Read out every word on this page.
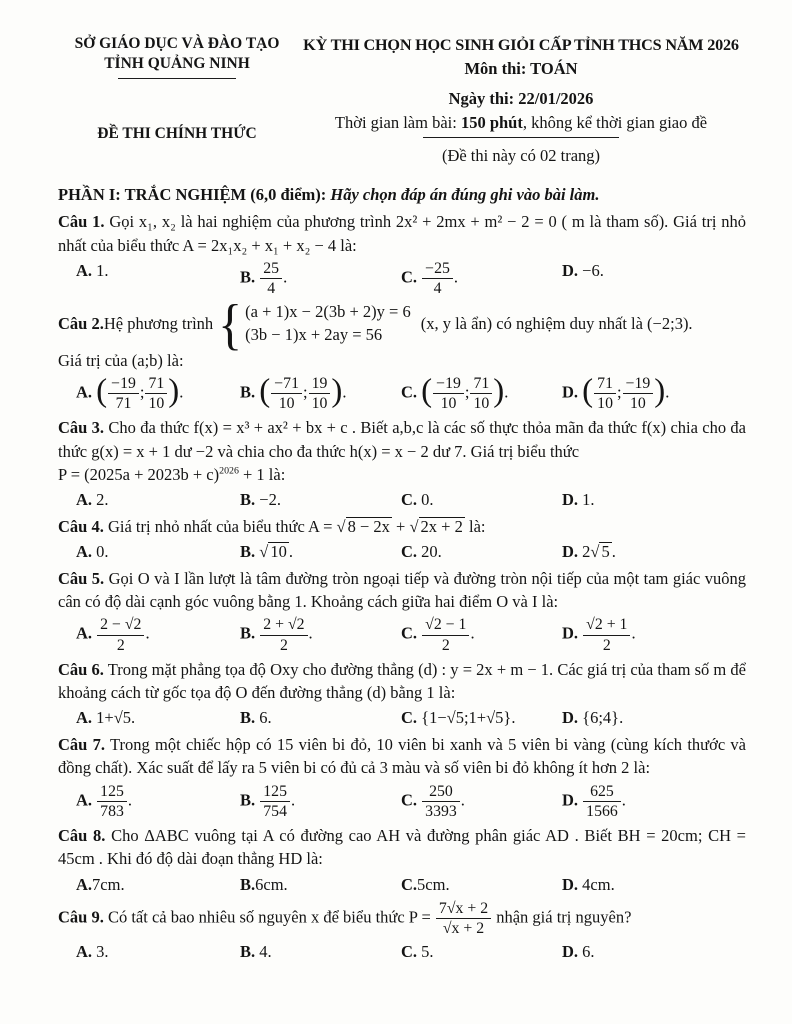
SỞ GIÁO DỤC VÀ ĐÀO TẠO
TỈNH QUẢNG NINH
ĐỀ THI CHÍNH THỨC
KỲ THI CHỌN HỌC SINH GIỎI CẤP TỈNH THCS NĂM 2026
Môn thi: TOÁN
Ngày thi: 22/01/2026
Thời gian làm bài: 150 phút, không kể thời gian giao đề
(Đề thi này có 02 trang)

PHẦN I: TRẮC NGHIỆM (6,0 điểm): Hãy chọn đáp án đúng ghi vào bài làm.

Câu 1. Gọi x₁, x₂ là hai nghiệm của phương trình 2x² + 2mx + m² − 2 = 0 ( m là tham số). Giá trị nhỏ nhất của biểu thức A = 2x₁x₂ + x₁ + x₂ − 4 là:

A. 1.	B. $\frac{25}{4}$ .	C. $\frac{-25}{4}$ .	D. −6.
Câu 2. Hệ phương trình { (a + 1)x − 2(3b + 2)y = 6
(3b − 1)x + 2ay = 56
(x, y là ẩn) có nghiệm duy nhất là (−2;3).

Giá trị của (a;b) là:

A. ( $\frac{-19}{71}$ ; $\frac{71}{10}$ ).	B. ( $\frac{-71}{10}$ ; $\frac{19}{10}$ ).	C. ( $\frac{-19}{10}$ ; $\frac{71}{10}$ ).	D. ( $\frac{71}{10}$ ; $\frac{-19}{10}$ ).

Câu 3. Cho đa thức f(x) = x³ + ax² + bx + c . Biết a,b,c là các số thực thỏa mãn đa thức f(x) chia cho đa thức g(x) = x + 1 dư −2 và chia cho đa thức h(x) = x − 2 dư 7. Giá trị biểu thức
$P = (2025a + 2023b + c)^{2026} + 1$ là:

A. 2.	B. −2.	C. 0.	D. 1.

Câu 4. Giá trị nhỏ nhất của biểu thức A = √ 8 − 2x + √ 2x + 2 là:

A. 0.	B. √ 10 .	C. 20.	D. 2√ 5 .

Câu 5. Gọi O và I lần lượt là tâm đường tròn ngoại tiếp và đường tròn nội tiếp của một tam giác vuông cân có độ dài cạnh góc vuông bằng 1. Khoảng cách giữa hai điểm O và I là:

A. $\frac{2 - √2}{2}$ .	B. $\frac{2 + √2}{2}$ .	C. $\frac{√2 - 1}{2}$ .	D. $\frac{√2 + 1}{2}$ .

Câu 6. Trong mặt phẳng tọa độ Oxy cho đường thẳng (d) : y = 2x + m − 1. Các giá trị của tham số m để khoảng cách từ gốc tọa độ O đến đường thẳng (d) bằng 1 là:

A. 1+√5.	B. 6.	C. {1−√5;1+√5}.	D. {6;4}.

Câu 7. Trong một chiếc hộp có 15 viên bi đỏ, 10 viên bi xanh và 5 viên bi vàng (cùng kích thước và đồng chất). Xác suất để lấy ra 5 viên bi có đủ cả 3 màu và số viên bi đỏ không ít hơn 2 là:

A. $\frac{125}{783}$ .	B. $\frac{125}{754}$ .	C. $\frac{250}{3393}$ .	D. $\frac{625}{1566}$ .

Câu 8. Cho ΔABC vuông tại A có đường cao AH và đường phân giác AD . Biết BH = 20cm; CH = 45cm . Khi đó độ dài đoạn thẳng HD là:

A.7cm.	B.6cm.	C.5cm.	D. 4cm.

Câu 9. Có tất cả bao nhiêu số nguyên x để biểu thức $P = \frac{7√x + 2}{√x + 2}$ nhận giá trị nguyên?

A. 3.	B. 4.	C. 5.	D. 6.
